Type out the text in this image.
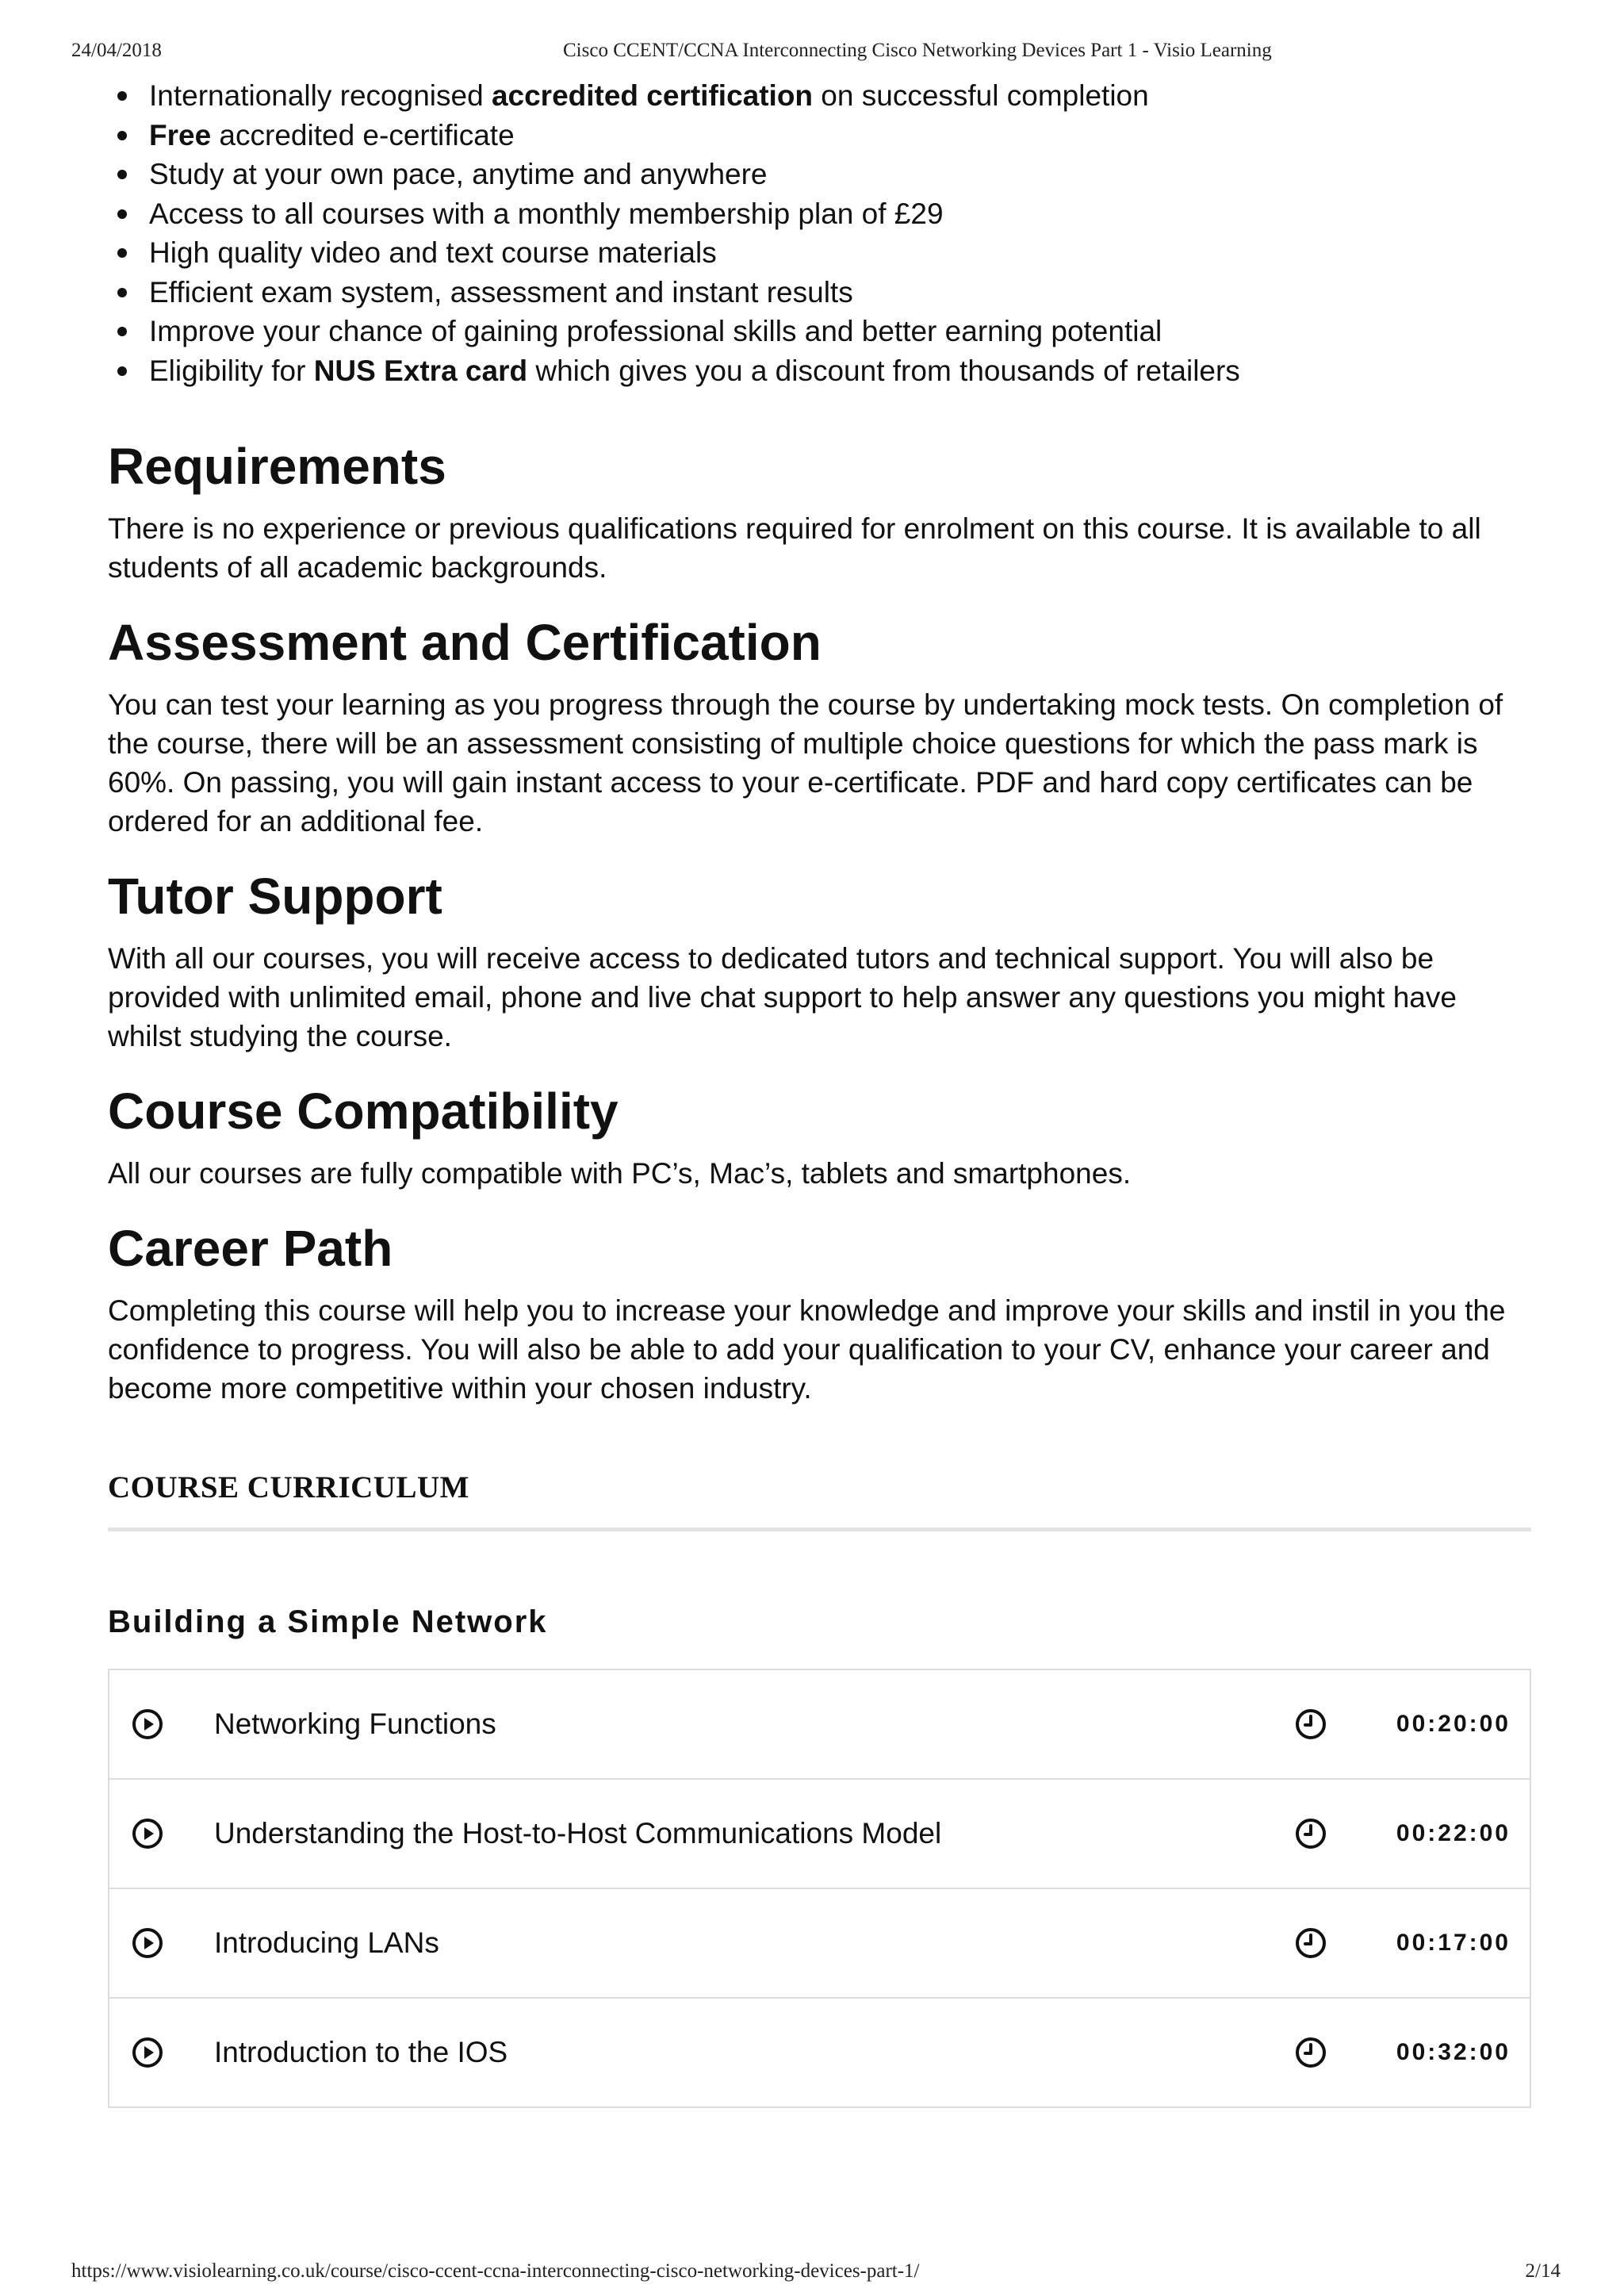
24/04/2018	Cisco CCENT/CCNA Interconnecting Cisco Networking Devices Part 1 - Visio Learning
Internationally recognised accredited certification on successful completion
Free accredited e-certificate
Study at your own pace, anytime and anywhere
Access to all courses with a monthly membership plan of £29
High quality video and text course materials
Efficient exam system, assessment and instant results
Improve your chance of gaining professional skills and better earning potential
Eligibility for NUS Extra card which gives you a discount from thousands of retailers
Requirements

There is no experience or previous qualifications required for enrolment on this course. It is available to all students of all academic backgrounds.

Assessment and Certification

You can test your learning as you progress through the course by undertaking mock tests. On completion of the course, there will be an assessment consisting of multiple choice questions for which the pass mark is 60%. On passing, you will gain instant access to your e-certificate. PDF and hard copy certificates can be ordered for an additional fee.

Tutor Support

With all our courses, you will receive access to dedicated tutors and technical support. You will also be provided with unlimited email, phone and live chat support to help answer any questions you might have whilst studying the course.

Course Compatibility

All our courses are fully compatible with PC’s, Mac’s, tablets and smartphones.

Career Path

Completing this course will help you to increase your knowledge and improve your skills and instil in you the confidence to progress. You will also be able to add your qualification to your CV, enhance your career and become more competitive within your chosen industry.

COURSE CURRICULUM
Building a Simple Network
Networking Functions	00:20:00
Understanding the Host-to-Host Communications Model	00:22:00
Introducing LANs	00:17:00
Introduction to the IOS	00:32:00
https://www.visiolearning.co.uk/course/cisco-ccent-ccna-interconnecting-cisco-networking-devices-part-1/	2/14
